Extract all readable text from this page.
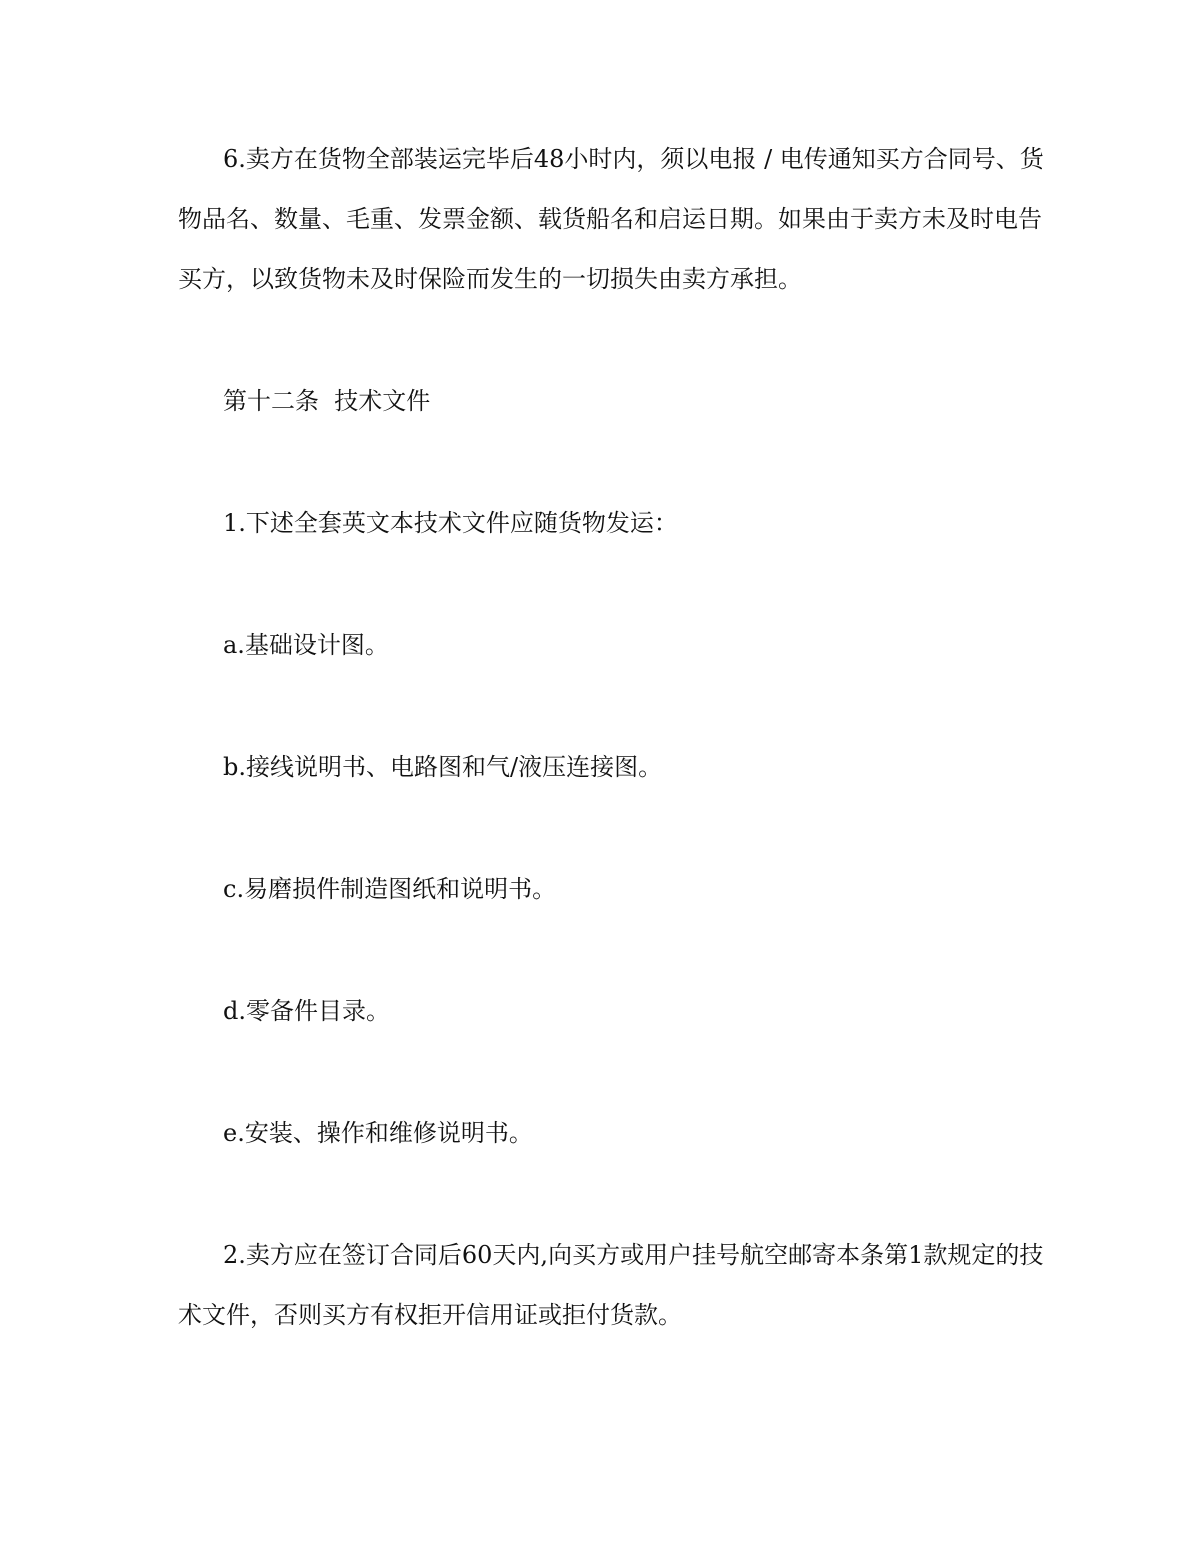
6.卖方在货物全部装运完毕后48小时内，须以电报 / 电传通知买方合同号、货

物品名、数量、毛重、发票金额、载货船名和启运日期。如果由于卖方未及时电告

买方，以致货物未及时保险而发生的一切损失由卖方承担。

第十二条  技术文件

1.下述全套英文本技术文件应随货物发运：

a.基础设计图。

b.接线说明书、电路图和气/液压连接图。

c.易磨损件制造图纸和说明书。

d.零备件目录。

e.安装、操作和维修说明书。

2.卖方应在签订合同后60天内,向买方或用户挂号航空邮寄本条第1款规定的技

术文件，否则买方有权拒开信用证或拒付货款。
